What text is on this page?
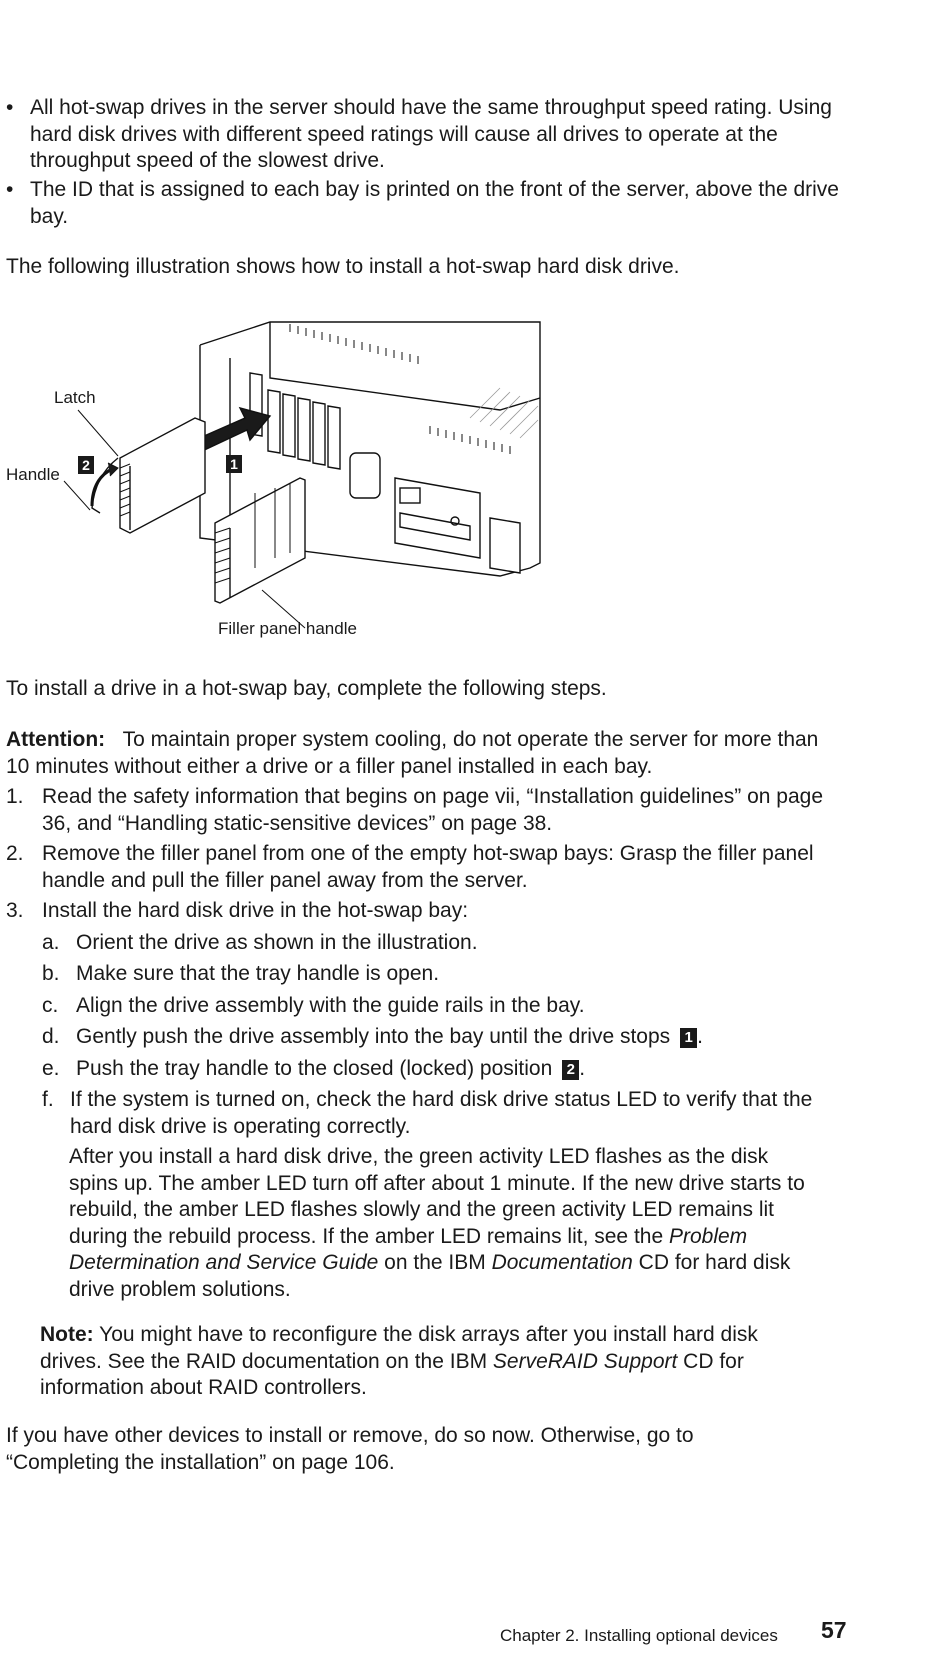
• All hot-swap drives in the server should have the same throughput speed rating. Using hard disk drives with different speed ratings will cause all drives to operate at the throughput speed of the slowest drive.
• The ID that is assigned to each bay is printed on the front of the server, above the drive bay.

The following illustration shows how to install a hot-swap hard disk drive.

1
2
Latch
Handle
Filler panel handle

To install a drive in a hot-swap bay, complete the following steps.

Attention: To maintain proper system cooling, do not operate the server for more than 10 minutes without either a drive or a filler panel installed in each bay.

1. Read the safety information that begins on page vii, “Installation guidelines” on page 36, and “Handling static-sensitive devices” on page 38.
2. Remove the filler panel from one of the empty hot-swap bays: Grasp the filler panel handle and pull the filler panel away from the server.
3. Install the hard disk drive in the hot-swap bay:
a. Orient the drive as shown in the illustration.
b. Make sure that the tray handle is open.
c. Align the drive assembly with the guide rails in the bay.
d. Gently push the drive assembly into the bay until the drive stops 1 .
e. Push the tray handle to the closed (locked) position 2 .
f. If the system is turned on, check the hard disk drive status LED to verify that the hard disk drive is operating correctly.

After you install a hard disk drive, the green activity LED flashes as the disk spins up. The amber LED turn off after about 1 minute. If the new drive starts to rebuild, the amber LED flashes slowly and the green activity LED remains lit during the rebuild process. If the amber LED remains lit, see the Problem Determination and Service Guide on the IBM Documentation CD for hard disk drive problem solutions.

Note: You might have to reconfigure the disk arrays after you install hard disk drives. See the RAID documentation on the IBM ServeRAID Support CD for information about RAID controllers.

If you have other devices to install or remove, do so now. Otherwise, go to “Completing the installation” on page 106.

Chapter 2. Installing optional devices 57
